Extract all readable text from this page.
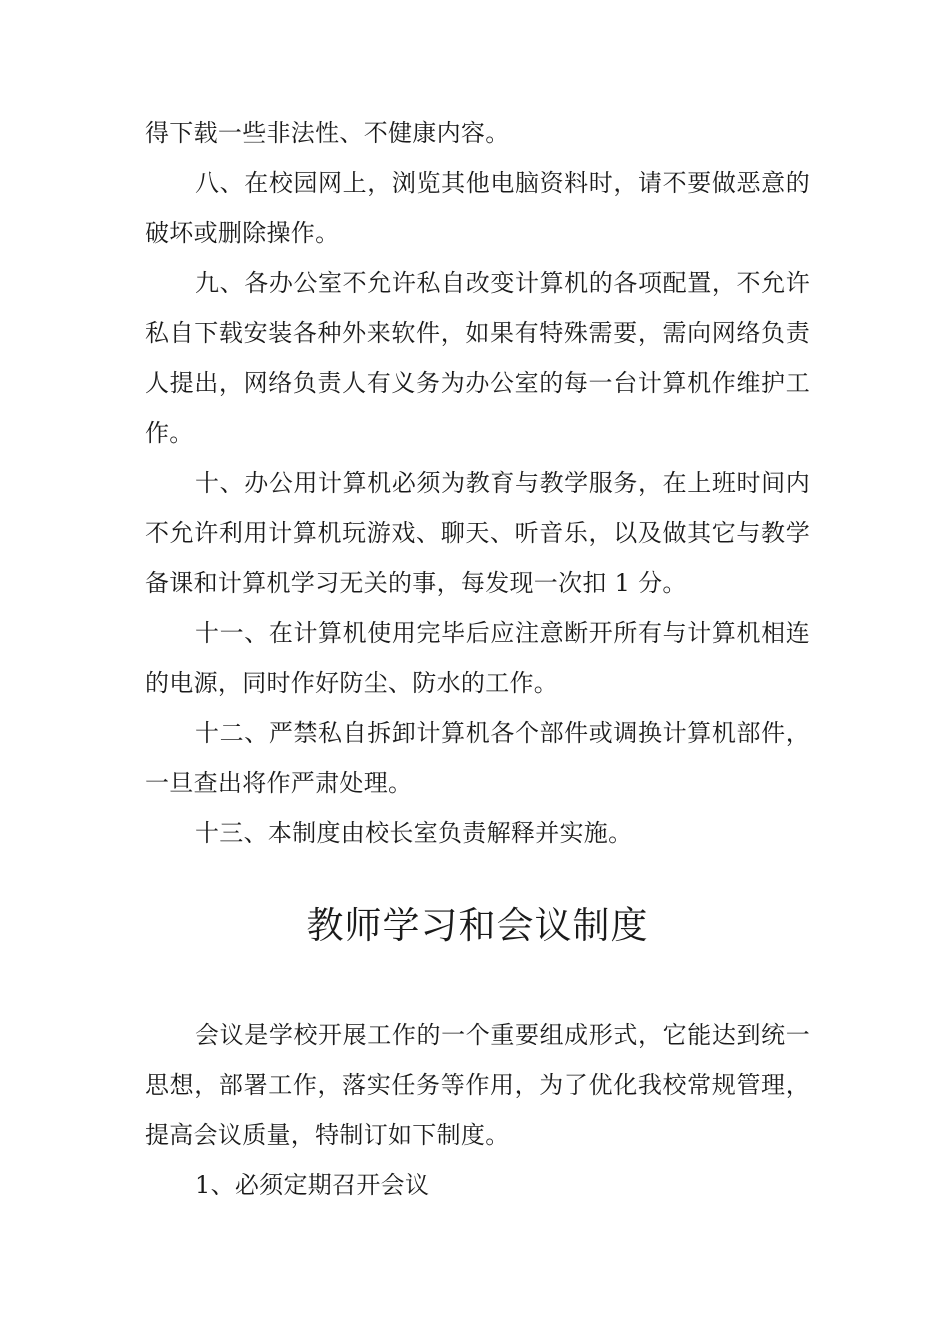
得下载一些非法性、不健康内容。

八、在校园网上，浏览其他电脑资料时，请不要做恶意的破坏或删除操作。

九、各办公室不允许私自改变计算机的各项配置，不允许私自下载安装各种外来软件，如果有特殊需要，需向网络负责人提出，网络负责人有义务为办公室的每一台计算机作维护工作。

十、办公用计算机必须为教育与教学服务，在上班时间内不允许利用计算机玩游戏、聊天、听音乐，以及做其它与教学备课和计算机学习无关的事，每发现一次扣 1 分。

十一、在计算机使用完毕后应注意断开所有与计算机相连的电源，同时作好防尘、防水的工作。

十二、严禁私自拆卸计算机各个部件或调换计算机部件，一旦查出将作严肃处理。

十三、本制度由校长室负责解释并实施。

教师学习和会议制度

会议是学校开展工作的一个重要组成形式，它能达到统一思想，部署工作，落实任务等作用，为了优化我校常规管理，提高会议质量，特制订如下制度。

1、必须定期召开会议
